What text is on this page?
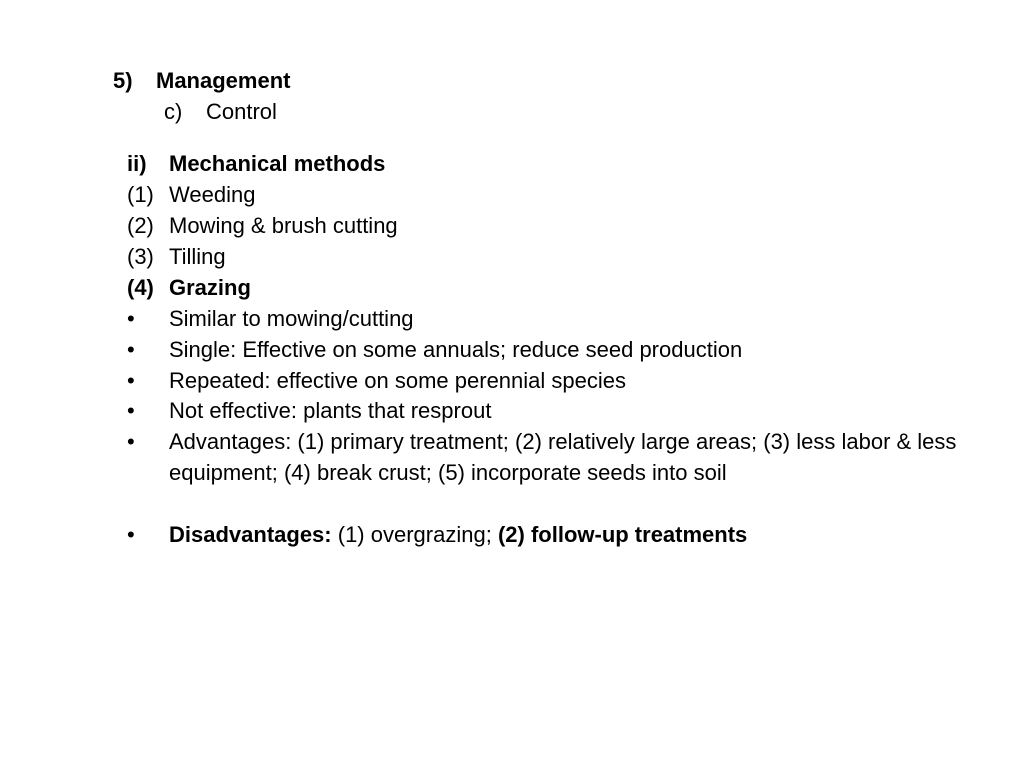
5) Management
c) Control
ii) Mechanical methods
(1) Weeding
(2) Mowing & brush cutting
(3) Tilling
(4) Grazing
• Similar to mowing/cutting
• Single: Effective on some annuals; reduce seed production
• Repeated: effective on some perennial species
• Not effective: plants that resprout
• Advantages: (1) primary treatment; (2) relatively large areas; (3) less labor & less equipment; (4) break crust; (5) incorporate seeds into soil
• Disadvantages: (1) overgrazing; (2) follow-up treatments
